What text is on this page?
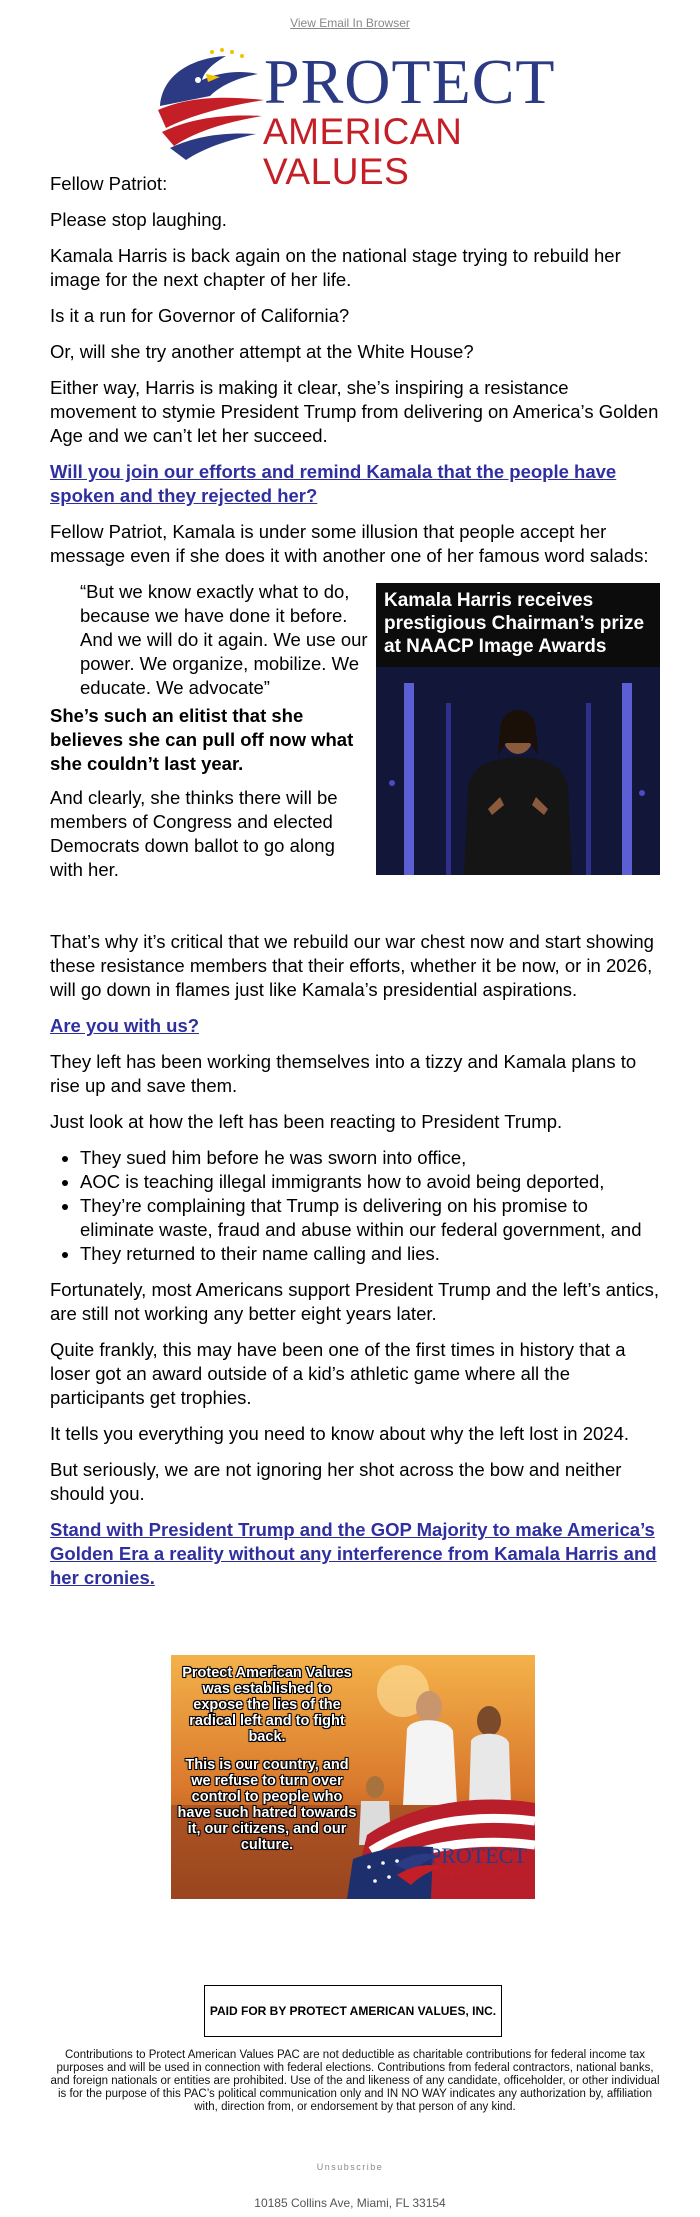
View Email In Browser
PROTECT
AMERICAN VALUES

Fellow Patriot:

Please stop laughing.

Kamala Harris is back again on the national stage trying to rebuild her image for the next chapter of her life.

Is it a run for Governor of California?

Or, will she try another attempt at the White House?

Either way, Harris is making it clear, she’s inspiring a resistance movement to stymie President Trump from delivering on America’s Golden Age and we can’t let her succeed.

Will you join our efforts and remind Kamala that the people have spoken and they rejected her?

Fellow Patriot, Kamala is under some illusion that people accept her message even if she does it with another one of her famous word salads:

“But we know exactly what to do, because we have done it before. And we will do it again. We use our power. We organize, mobilize. We educate. We advocate”
She’s such an elitist that she believes she can pull off now what she couldn’t last year.
And clearly, she thinks there will be members of Congress and elected Democrats down ballot to go along with her.
Kamala Harris receives prestigious Chairman’s prize at NAACP Image Awards

That’s why it’s critical that we rebuild our war chest now and start showing these resistance members that their efforts, whether it be now, or in 2026, will go down in flames just like Kamala’s presidential aspirations.

Are you with us?

They left has been working themselves into a tizzy and Kamala plans to rise up and save them.

Just look at how the left has been reacting to President Trump.

• They sued him before he was sworn into office,
• AOC is teaching illegal immigrants how to avoid being deported,
• They’re complaining that Trump is delivering on his promise to eliminate waste, fraud and abuse within our federal government, and
• They returned to their name calling and lies.

Fortunately, most Americans support President Trump and the left’s antics, are still not working any better eight years later.

Quite frankly, this may have been one of the first times in history that a loser got an award outside of a kid’s athletic game where all the participants get trophies.

It tells you everything you need to know about why the left lost in 2024.

But seriously, we are not ignoring her shot across the bow and neither should you.

Stand with President Trump and the GOP Majority to make America’s Golden Era a reality without any interference from Kamala Harris and her cronies.

Protect American Values was established to expose the lies of the radical left and to fight back.
This is our country, and we refuse to turn over control to people who have such hatred towards it, our citizens, and our culture.	PROTECT
AMERICAN VALUES
PAID FOR BY PROTECT AMERICAN VALUES, INC.
Contributions to Protect American Values PAC are not deductible as charitable contributions for federal income tax purposes and will be used in connection with federal elections. Contributions from federal contractors, national banks, and foreign nationals or entities are prohibited. Use of the and likeness of any candidate, officeholder, or other individual is for the purpose of this PAC’s political communication only and IN NO WAY indicates any authorization by, affiliation with, direction from, or endorsement by that person of any kind.
Unsubscribe
10185 Collins Ave, Miami, FL 33154
